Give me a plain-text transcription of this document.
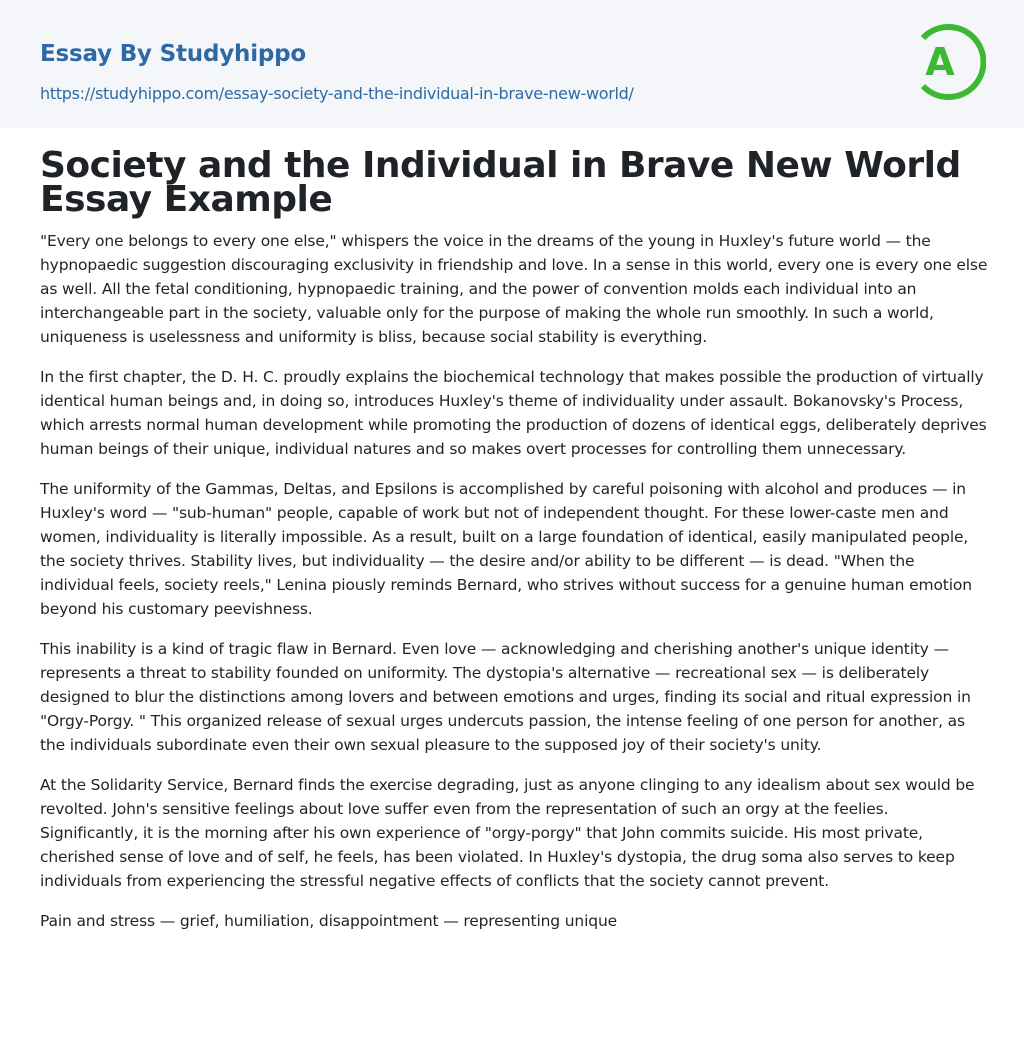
Essay By Studyhippo
https://studyhippo.com/essay-society-and-the-individual-in-brave-new-world/
A
Society and the Individual in Brave New World Essay Example

"Every one belongs to every one else," whispers the voice in the dreams of the young in Huxley's future world — the hypnopaedic suggestion discouraging exclusivity in friendship and love. In a sense in this world, every one is every one else as well. All the fetal conditioning, hypnopaedic training, and the power of convention molds each individual into an interchangeable part in the society, valuable only for the purpose of making the whole run smoothly. In such a world, uniqueness is uselessness and uniformity is bliss, because social stability is everything.

In the first chapter, the D. H. C. proudly explains the biochemical technology that makes possible the production of virtually identical human beings and, in doing so, introduces Huxley's theme of individuality under assault. Bokanovsky's Process, which arrests normal human development while promoting the production of dozens of identical eggs, deliberately deprives human beings of their unique, individual natures and so makes overt processes for controlling them unnecessary.

The uniformity of the Gammas, Deltas, and Epsilons is accomplished by careful poisoning with alcohol and produces — in Huxley's word — "sub-human" people, capable of work but not of independent thought. For these lower-caste men and women, individuality is literally impossible. As a result, built on a large foundation of identical, easily manipulated people, the society thrives. Stability lives, but individuality — the desire and/or ability to be different — is dead. "When the individual feels, society reels," Lenina piously reminds Bernard, who strives without success for a genuine human emotion beyond his customary peevishness.

This inability is a kind of tragic flaw in Bernard. Even love — acknowledging and cherishing another's unique identity — represents a threat to stability founded on uniformity. The dystopia's alternative — recreational sex — is deliberately designed to blur the distinctions among lovers and between emotions and urges, finding its social and ritual expression in "Orgy-Porgy. " This organized release of sexual urges undercuts passion, the intense feeling of one person for another, as the individuals subordinate even their own sexual pleasure to the supposed joy of their society's unity.

At the Solidarity Service, Bernard finds the exercise degrading, just as anyone clinging to any idealism about sex would be revolted. John's sensitive feelings about love suffer even from the representation of such an orgy at the feelies. Significantly, it is the morning after his own experience of "orgy-porgy" that John commits suicide. His most private, cherished sense of love and of self, he feels, has been violated. In Huxley's dystopia, the drug soma also serves to keep individuals from experiencing the stressful negative effects of conflicts that the society cannot prevent.

Pain and stress — grief, humiliation, disappointment — representing unique
